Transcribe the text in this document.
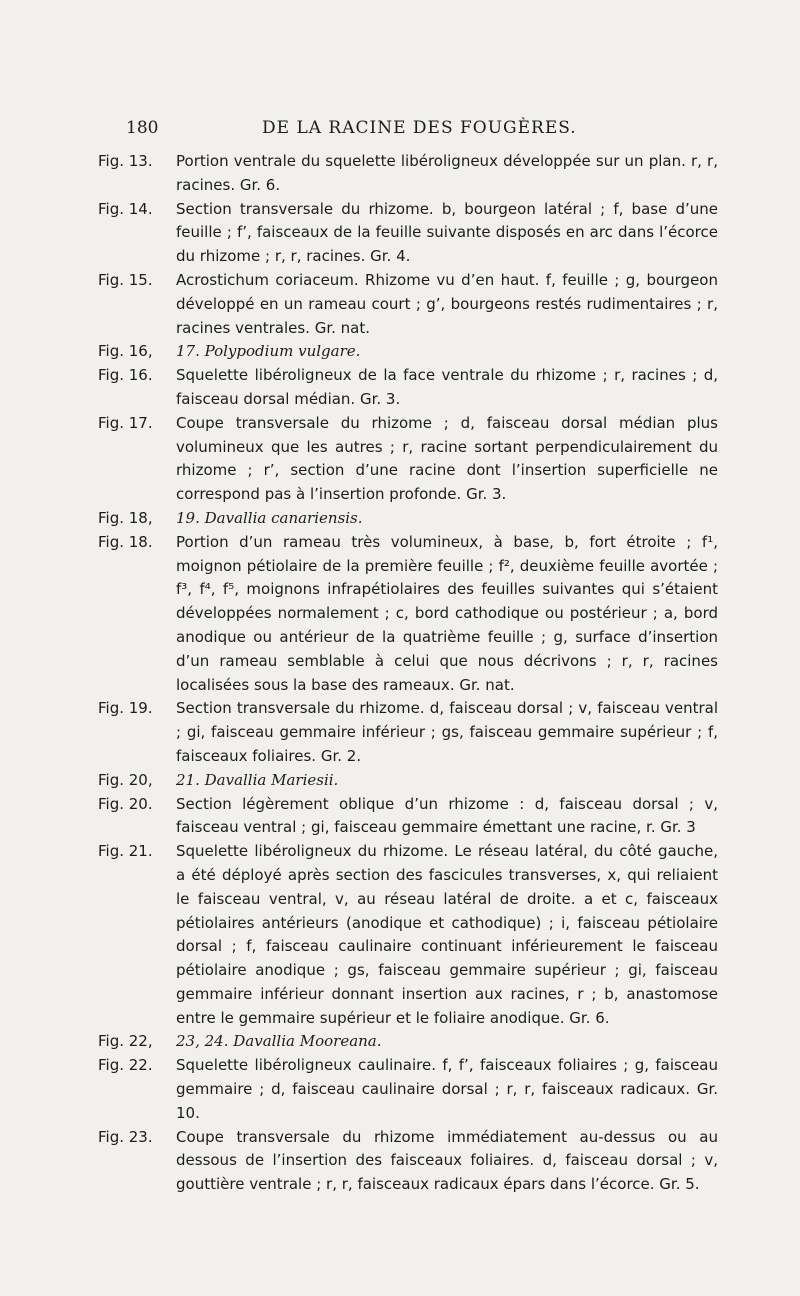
180	DE LA RACINE DES FOUGÈRES.
Fig. 13.	Portion ventrale du squelette libéroligneux développée sur un plan. r, r, racines. Gr. 6.
Fig. 14.	Section transversale du rhizome. b, bourgeon latéral ; f, base d’une feuille ; f’, faisceaux de la feuille suivante disposés en arc dans l’écorce du rhizome ; r, r, racines. Gr. 4.
Fig. 15.	Acrostichum coriaceum. Rhizome vu d’en haut. f, feuille ; g, bourgeon développé en un rameau court ; g’, bourgeons restés rudimentaires ; r, racines ventrales. Gr. nat.
Fig. 16,	17. Polypodium vulgare.
Fig. 16.	Squelette libéroligneux de la face ventrale du rhizome ; r, racines ; d, faisceau dorsal médian. Gr. 3.
Fig. 17.	Coupe transversale du rhizome ; d, faisceau dorsal médian plus volumineux que les autres ; r, racine sortant perpendiculairement du rhizome ; r’, section d’une racine dont l’insertion superficielle ne correspond pas à l’insertion profonde. Gr. 3.
Fig. 18,	19. Davallia canariensis.
Fig. 18.	Portion d’un rameau très volumineux, à base, b, fort étroite ; f¹, moignon pétiolaire de la première feuille ; f², deuxième feuille avortée ; f³, f⁴, f⁵, moignons infrapétiolaires des feuilles suivantes qui s’étaient développées normalement ; c, bord cathodique ou postérieur ; a, bord anodique ou antérieur de la quatrième feuille ; g, surface d’insertion d’un rameau semblable à celui que nous décrivons ; r, r, racines localisées sous la base des rameaux. Gr. nat.
Fig. 19.	Section transversale du rhizome. d, faisceau dorsal ; v, faisceau ventral ; gi, faisceau gemmaire inférieur ; gs, faisceau gemmaire supérieur ; f, faisceaux foliaires. Gr. 2.
Fig. 20,	21. Davallia Mariesii.
Fig. 20.	Section légèrement oblique d’un rhizome : d, faisceau dorsal ; v, faisceau ventral ; gi, faisceau gemmaire émettant une racine, r. Gr. 3
Fig. 21.	Squelette libéroligneux du rhizome. Le réseau latéral, du côté gauche, a été déployé après section des fascicules transverses, x, qui reliaient le faisceau ventral, v, au réseau latéral de droite. a et c, faisceaux pétiolaires antérieurs (anodique et cathodique) ; i, faisceau pétiolaire dorsal ; f, faisceau caulinaire continuant inférieurement le faisceau pétiolaire anodique ; gs, faisceau gemmaire supérieur ; gi, faisceau gemmaire inférieur donnant insertion aux racines, r ; b, anastomose entre le gemmaire supérieur et le foliaire anodique. Gr. 6.
Fig. 22,	23, 24. Davallia Mooreana.
Fig. 22.	Squelette libéroligneux caulinaire. f, f’, faisceaux foliaires ; g, faisceau gemmaire ; d, faisceau caulinaire dorsal ; r, r, faisceaux radicaux. Gr. 10.
Fig. 23.	Coupe transversale du rhizome immédiatement au-dessus ou au dessous de l’insertion des faisceaux foliaires. d, faisceau dorsal ; v, gouttière ventrale ; r, r, faisceaux radicaux épars dans l’écorce. Gr. 5.
